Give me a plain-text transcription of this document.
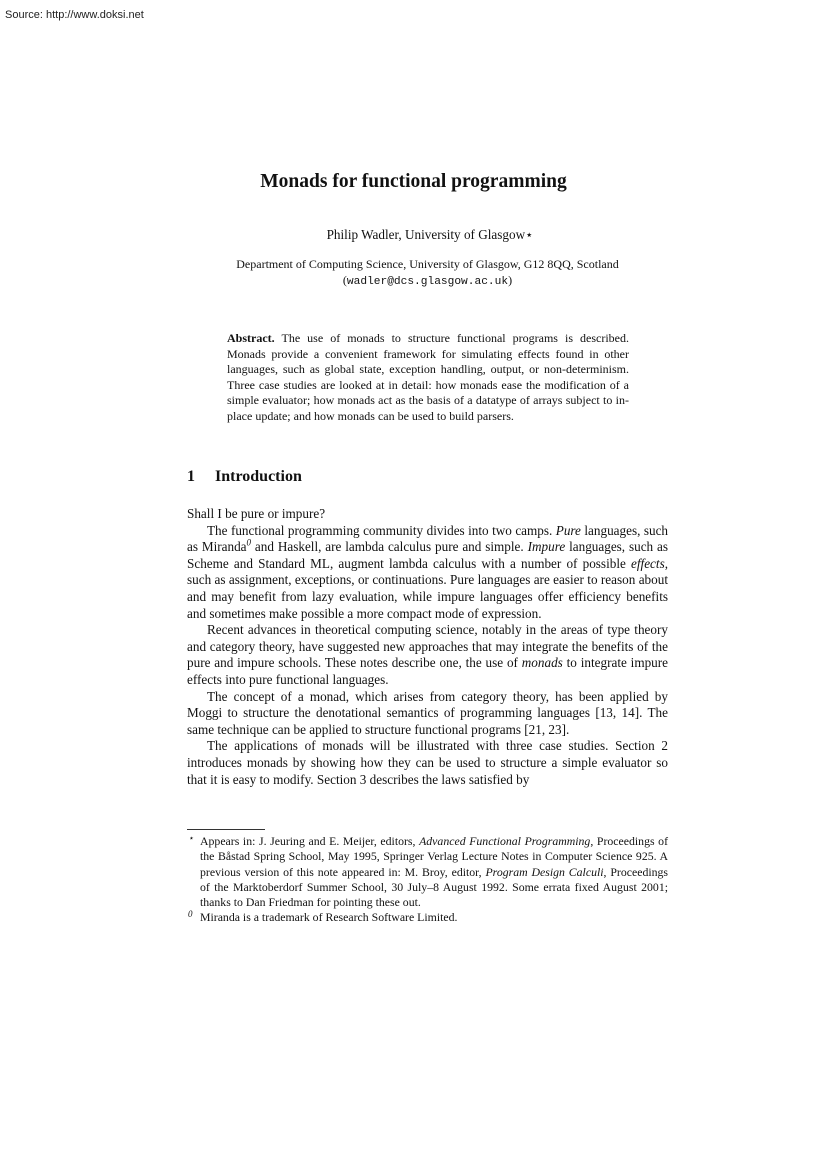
Source: http://www.doksi.net
Monads for functional programming
Philip Wadler, University of Glasgow⋆
Department of Computing Science, University of Glasgow, G12 8QQ, Scotland
(wadler@dcs.glasgow.ac.uk)
Abstract. The use of monads to structure functional programs is described. Monads provide a convenient framework for simulating effects found in other languages, such as global state, exception handling, output, or non-determinism. Three case studies are looked at in detail: how monads ease the modification of a simple evaluator; how monads act as the basis of a datatype of arrays subject to in-place update; and how monads can be used to build parsers.
1 Introduction

Shall I be pure or impure?

The functional programming community divides into two camps. Pure languages, such as Miranda$^0$ and Haskell, are lambda calculus pure and simple. Impure languages, such as Scheme and Standard ML, augment lambda calculus with a number of possible effects, such as assignment, exceptions, or continuations. Pure languages are easier to reason about and may benefit from lazy evaluation, while impure languages offer efficiency benefits and sometimes make possible a more compact mode of expression.

Recent advances in theoretical computing science, notably in the areas of type theory and category theory, have suggested new approaches that may integrate the benefits of the pure and impure schools. These notes describe one, the use of monads to integrate impure effects into pure functional languages.

The concept of a monad, which arises from category theory, has been applied by Moggi to structure the denotational semantics of programming languages [13, 14]. The same technique can be applied to structure functional programs [21, 23].

The applications of monads will be illustrated with three case studies. Section 2 introduces monads by showing how they can be used to structure a simple evaluator so that it is easy to modify. Section 3 describes the laws satisfied by

⋆ Appears in: J. Jeuring and E. Meijer, editors, Advanced Functional Programming, Proceedings of the Båstad Spring School, May 1995, Springer Verlag Lecture Notes in Computer Science 925. A previous version of this note appeared in: M. Broy, editor, Program Design Calculi, Proceedings of the Marktoberdorf Summer School, 30 July–8 August 1992. Some errata fixed August 2001; thanks to Dan Friedman for pointing these out.
0 Miranda is a trademark of Research Software Limited.
